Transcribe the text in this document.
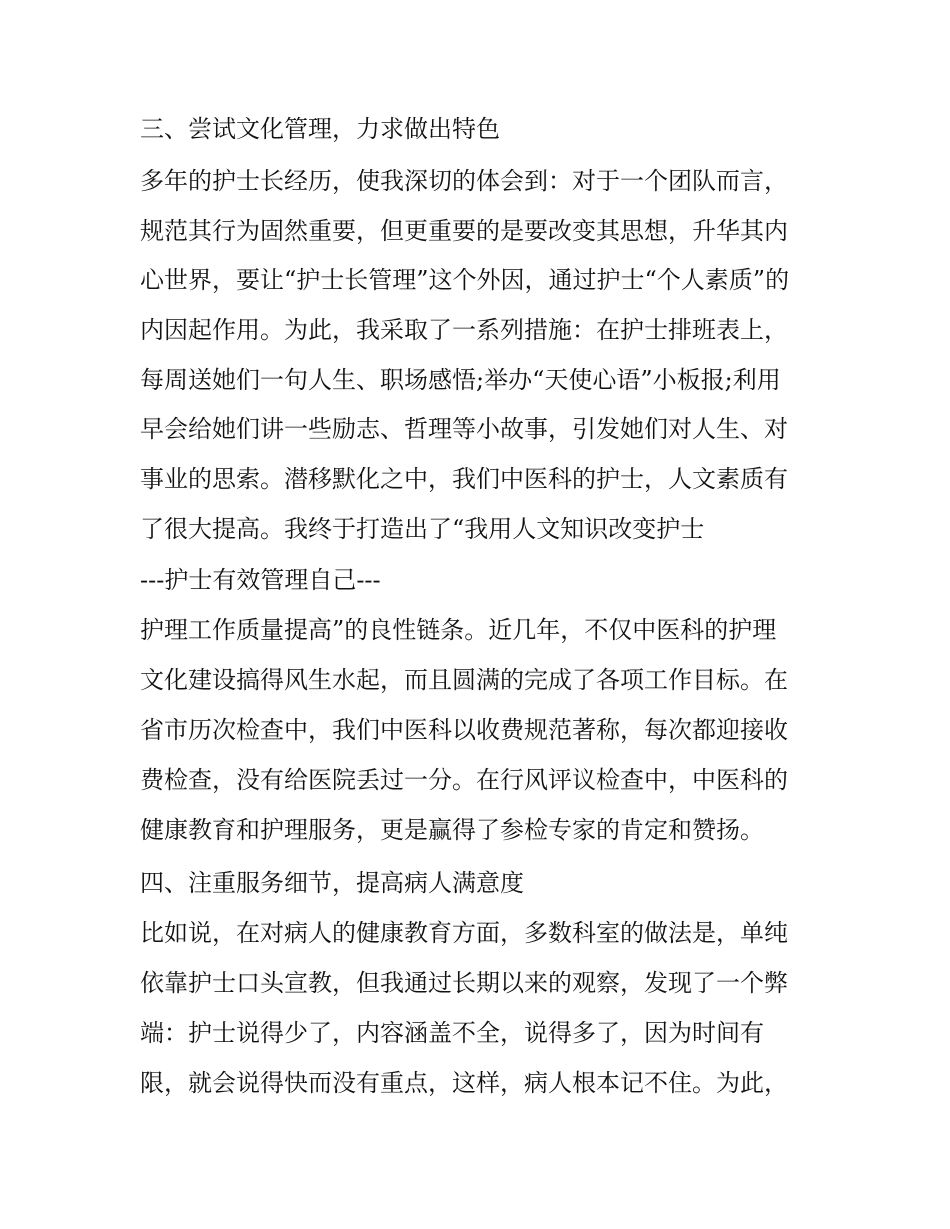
三、尝试文化管理，力求做出特色
多年的护士长经历，使我深切的体会到：对于一个团队而言，
规范其行为固然重要，但更重要的是要改变其思想，升华其内
心世界，要让“护士长管理”这个外因，通过护士“个人素质”的
内因起作用。为此，我采取了一系列措施：在护士排班表上，
每周送她们一句人生、职场感悟;举办“天使心语”小板报;利用
早会给她们讲一些励志、哲理等小故事，引发她们对人生、对
事业的思索。潜移默化之中，我们中医科的护士，人文素质有
了很大提高。我终于打造出了“我用人文知识改变护士
---护士有效管理自己---
护理工作质量提高”的良性链条。近几年，不仅中医科的护理
文化建设搞得风生水起，而且圆满的完成了各项工作目标。在
省市历次检查中，我们中医科以收费规范著称，每次都迎接收
费检查，没有给医院丢过一分。在行风评议检查中，中医科的
健康教育和护理服务，更是赢得了参检专家的肯定和赞扬。
四、注重服务细节，提高病人满意度
比如说，在对病人的健康教育方面，多数科室的做法是，单纯
依靠护士口头宣教，但我通过长期以来的观察，发现了一个弊
端：护士说得少了，内容涵盖不全，说得多了，因为时间有
限，就会说得快而没有重点，这样，病人根本记不住。为此，
